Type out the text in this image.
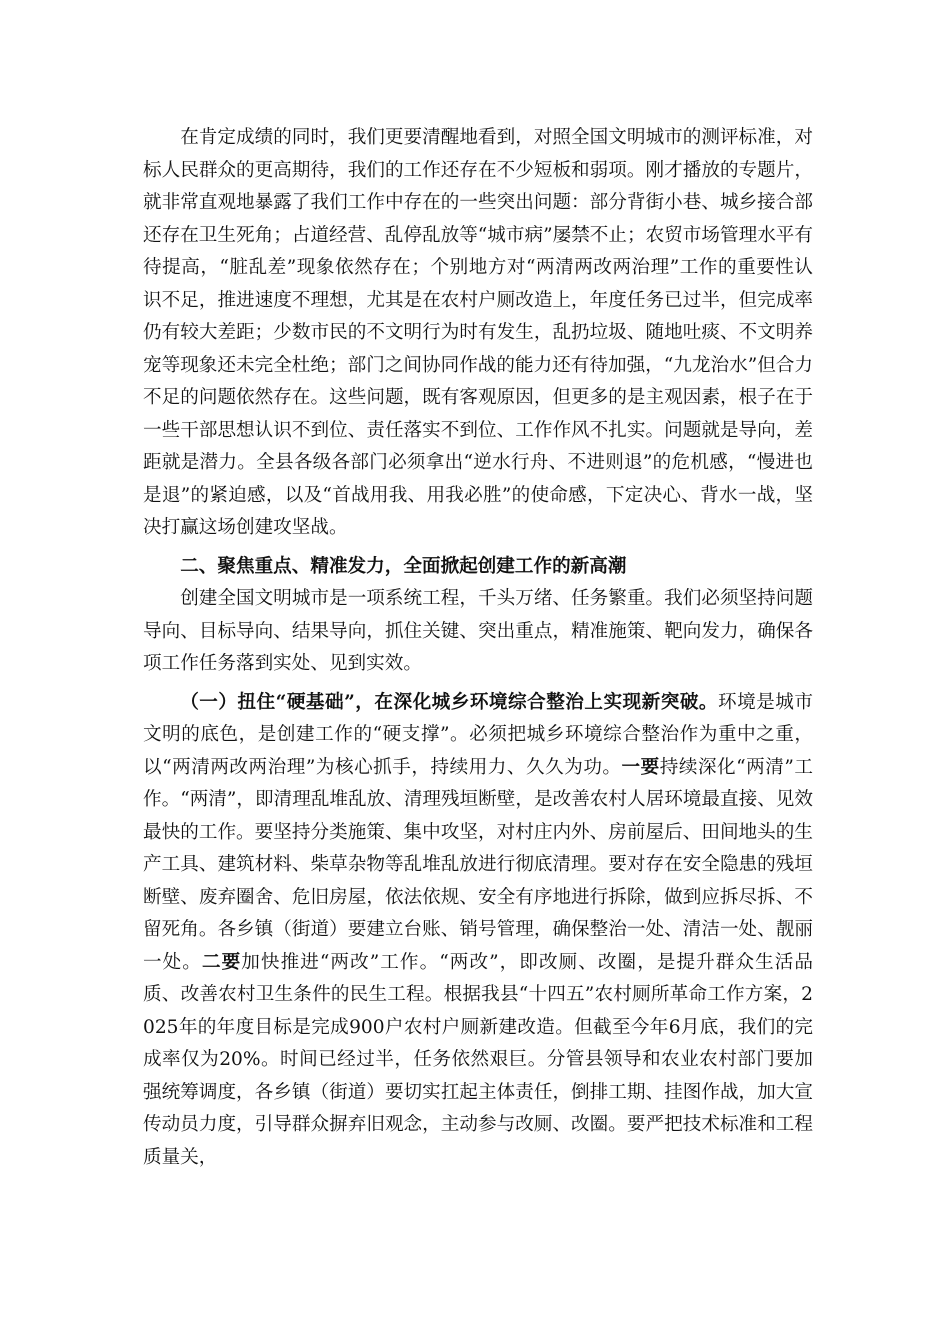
在肯定成绩的同时，我们更要清醒地看到，对照全国文明城市的测评标准，对标人民群众的更高期待，我们的工作还存在不少短板和弱项。刚才播放的专题片，就非常直观地暴露了我们工作中存在的一些突出问题：部分背街小巷、城乡接合部还存在卫生死角；占道经营、乱停乱放等“城市病”屡禁不止；农贸市场管理水平有待提高，“脏乱差”现象依然存在；个别地方对“两清两改两治理”工作的重要性认识不足，推进速度不理想，尤其是在农村户厕改造上，年度任务已过半，但完成率仍有较大差距；少数市民的不文明行为时有发生，乱扔垃圾、随地吐痰、不文明养宠等现象还未完全杜绝；部门之间协同作战的能力还有待加强，“九龙治水”但合力不足的问题依然存在。这些问题，既有客观原因，但更多的是主观因素，根子在于一些干部思想认识不到位、责任落实不到位、工作作风不扎实。问题就是导向，差距就是潜力。全县各级各部门必须拿出“逆水行舟、不进则退”的危机感，“慢进也是退”的紧迫感，以及“首战用我、用我必胜”的使命感，下定决心、背水一战，坚决打赢这场创建攻坚战。

二、聚焦重点、精准发力，全面掀起创建工作的新高潮

创建全国文明城市是一项系统工程，千头万绪、任务繁重。我们必须坚持问题导向、目标导向、结果导向，抓住关键、突出重点，精准施策、靶向发力，确保各项工作任务落到实处、见到实效。

（一）扭住“硬基础”，在深化城乡环境综合整治上实现新突破。环境是城市文明的底色，是创建工作的“硬支撑”。必须把城乡环境综合整治作为重中之重，以“两清两改两治理”为核心抓手，持续用力、久久为功。一要持续深化“两清”工作。“两清”，即清理乱堆乱放、清理残垣断壁，是改善农村人居环境最直接、见效最快的工作。要坚持分类施策、集中攻坚，对村庄内外、房前屋后、田间地头的生产工具、建筑材料、柴草杂物等乱堆乱放进行彻底清理。要对存在安全隐患的残垣断壁、废弃圈舍、危旧房屋，依法依规、安全有序地进行拆除，做到应拆尽拆、不留死角。各乡镇（街道）要建立台账、销号管理，确保整治一处、清洁一处、靓丽一处。二要加快推进“两改”工作。“两改”，即改厕、改圈，是提升群众生活品质、改善农村卫生条件的民生工程。根据我县“十四五”农村厕所革命工作方案，2025年的年度目标是完成900户农村户厕新建改造。但截至今年6月底，我们的完成率仅为20%。时间已经过半，任务依然艰巨。分管县领导和农业农村部门要加强统筹调度，各乡镇（街道）要切实扛起主体责任，倒排工期、挂图作战，加大宣传动员力度，引导群众摒弃旧观念，主动参与改厕、改圈。要严把技术标准和工程质量关，
